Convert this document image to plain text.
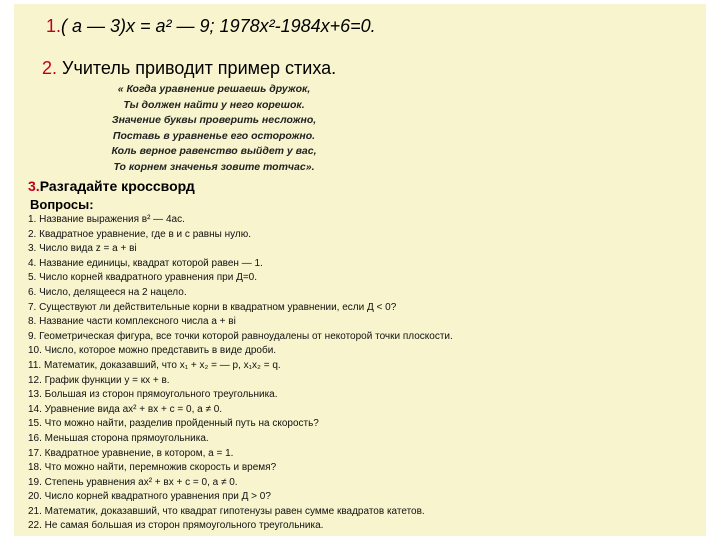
1.( а — 3)х = а² — 9; 1978х²-1984х+6=0.
2. Учитель приводит пример стиха.
« Когда уравнение решаешь дружок,
Ты должен найти у него корешок.
Значение буквы проверить несложно,
Поставь в уравненье его осторожно.
Коль верное равенство выйдет у вас,
То корнем значенья зовите тотчас».
3.Разгадайте кроссворд
Вопросы:
1. Название выражения в² — 4ас.
2. Квадратное уравнение, где в и с равны нулю.
3. Число вида z = а + вi
4. Название единицы, квадрат которой равен — 1.
5. Число корней квадратного уравнения при Д=0.
6. Число, делящееся на 2 нацело.
7. Существуют ли действительные корни в квадратном уравнении, если Д < 0?
8. Название части комплексного числа а + вi
9. Геометрическая фигура, все точки которой равноудалены от некоторой точки плоскости.
10. Число, которое можно представить в виде дроби.
11. Математик, доказавший, что х₁ + х₂ = — р, х₁х₂ = q.
12. График функции у = кх + в.
13. Большая из сторон прямоугольного треугольника.
14. Уравнение вида ах² + вх + с = 0, а ≠ 0.
15. Что можно найти, разделив пройденный путь на скорость?
16. Меньшая сторона прямоугольника.
17. Квадратное уравнение, в котором, а = 1.
18. Что можно найти, перемножив скорость и время?
19. Степень уравнения ах² + вх + с = 0, а ≠ 0.
20. Число корней квадратного уравнения при Д > 0?
21. Математик, доказавший, что квадрат гипотенузы равен сумме квадратов катетов.
22. Не самая большая из сторон прямоугольного треугольника.
